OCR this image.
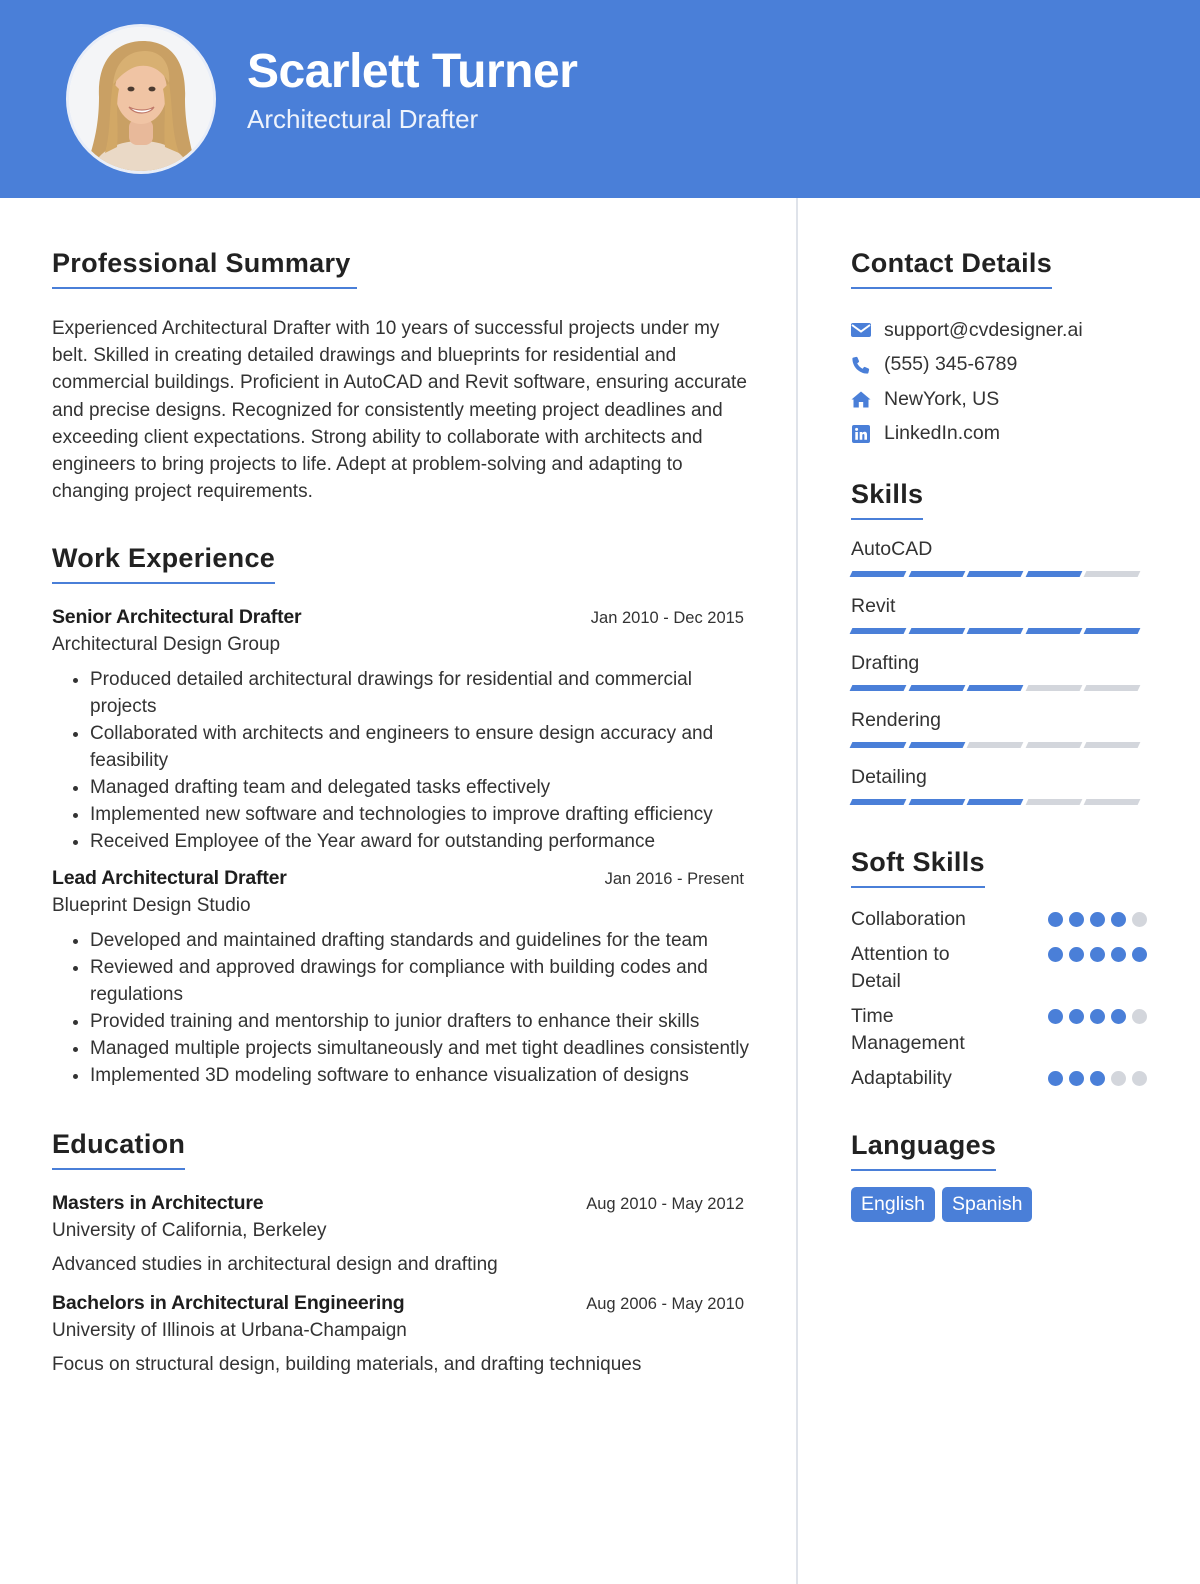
Scarlett Turner
Architectural Drafter
Professional Summary

Experienced Architectural Drafter with 10 years of successful projects under my belt. Skilled in creating detailed drawings and blueprints for residential and commercial buildings. Proficient in AutoCAD and Revit software, ensuring accurate and precise designs. Recognized for consistently meeting project deadlines and exceeding client expectations. Strong ability to collaborate with architects and engineers to bring projects to life. Adept at problem-solving and adapting to changing project requirements.

Work Experience
Senior Architectural Drafter	Jan 2010 - Dec 2015
Architectural Design Group
• Produced detailed architectural drawings for residential and commercial projects
• Collaborated with architects and engineers to ensure design accuracy and feasibility
• Managed drafting team and delegated tasks effectively
• Implemented new software and technologies to improve drafting efficiency
• Received Employee of the Year award for outstanding performance
Lead Architectural Drafter	Jan 2016 - Present
Blueprint Design Studio
• Developed and maintained drafting standards and guidelines for the team
• Reviewed and approved drawings for compliance with building codes and regulations
• Provided training and mentorship to junior drafters to enhance their skills
• Managed multiple projects simultaneously and met tight deadlines consistently
• Implemented 3D modeling software to enhance visualization of designs
Education
Masters in Architecture	Aug 2010 - May 2012
University of California, Berkeley
Advanced studies in architectural design and drafting
Bachelors in Architectural Engineering	Aug 2006 - May 2010
University of Illinois at Urbana-Champaign
Focus on structural design, building materials, and drafting techniques
Contact Details
support@cvdesigner.ai
(555) 345-6789
NewYork, US
LinkedIn.com
Skills
AutoCAD
Revit
Drafting
Rendering
Detailing
Soft Skills
Collaboration
Attention to Detail
Time Management
Adaptability
Languages
English	Spanish
